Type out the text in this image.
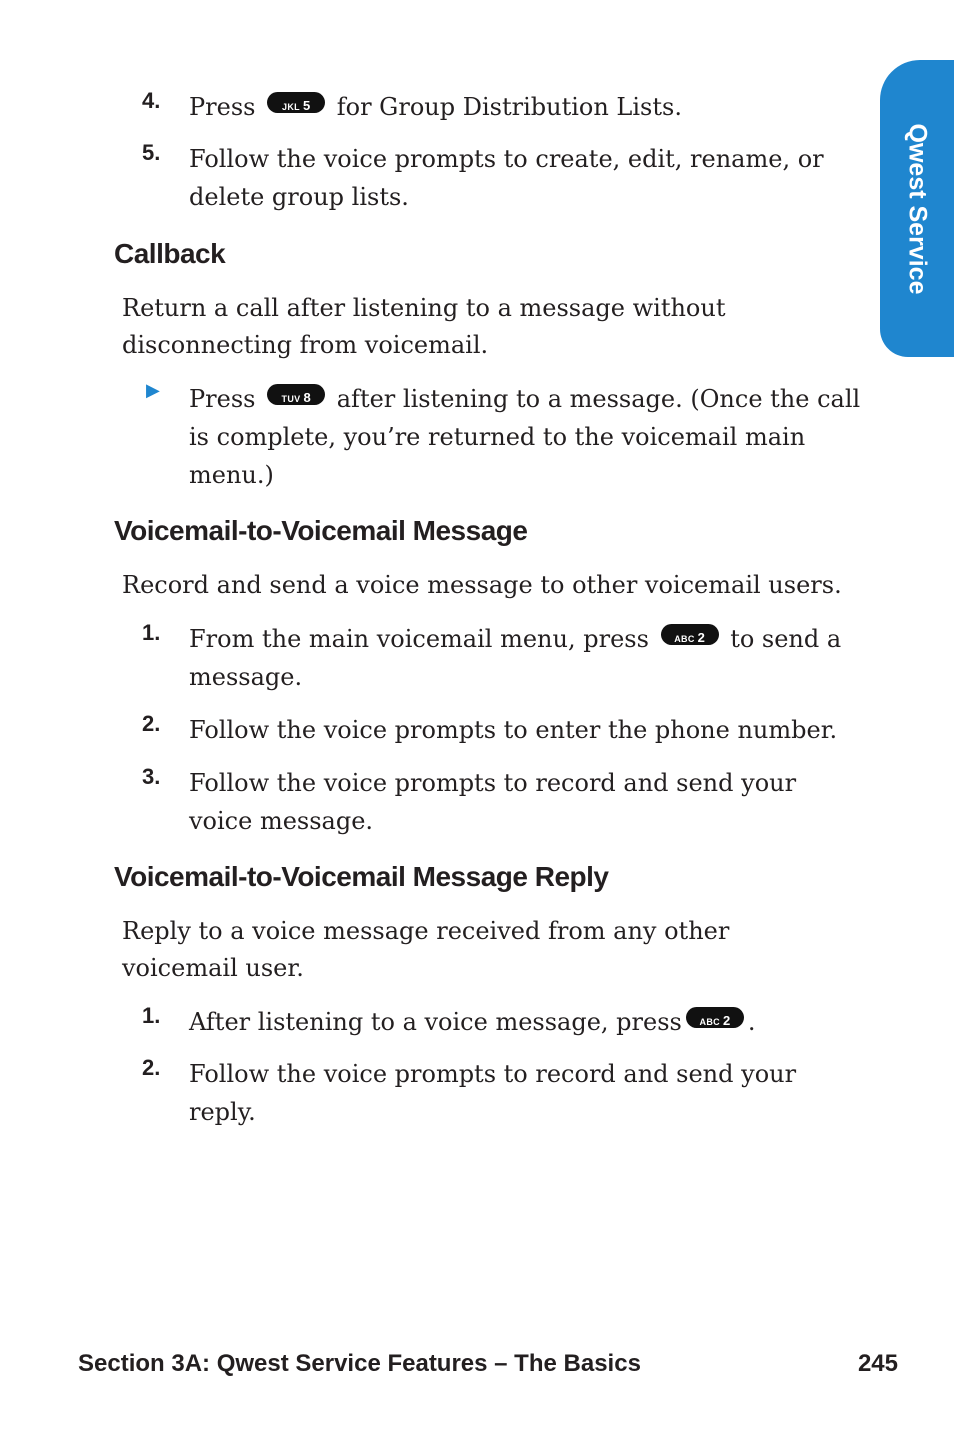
Qwest Service
4.	Press	JKL 5 for Group Distribution Lists.
5.	Follow the voice prompts to create, edit, rename, or delete group lists.
Callback
Return a call after listening to a message without disconnecting from voicemail.
▶ Press	TUV 8 after listening to a message. (Once the call is complete, you’re returned to the voicemail main menu.)
Voicemail-to-Voicemail Message
Record and send a voice message to other voicemail users.
1.	From the main voicemail menu, press	ABC 2 to send a message.
2.	Follow the voice prompts to enter the phone number.
3.	Follow the voice prompts to record and send your voice message.
Voicemail-to-Voicemail Message Reply
Reply to a voice message received from any other voicemail user.
1.	After listening to a voice message, press ABC 2 .
2.	Follow the voice prompts to record and send your reply.
Section 3A: Qwest Service Features – The Basics	245
